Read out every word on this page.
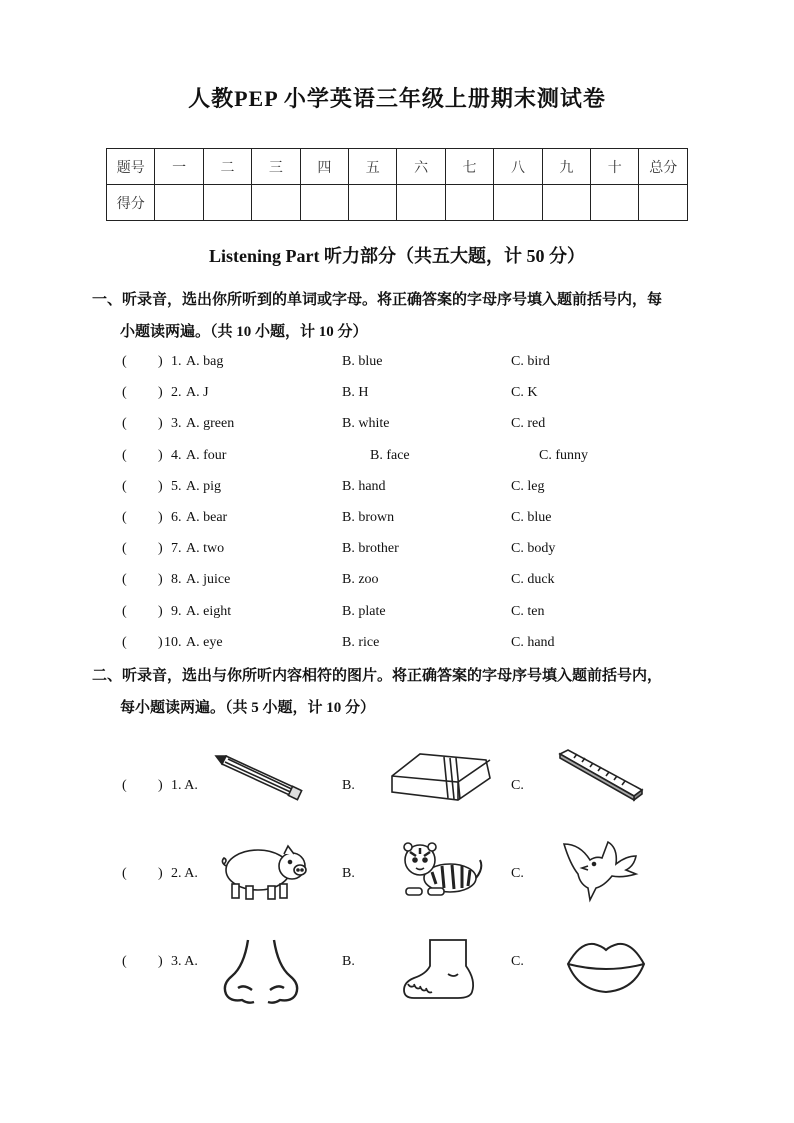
人教PEP 小学英语三年级上册期末测试卷
题号	一	二	三	四	五	六	七	八	九	十	总分
得分											
Listening Part 听力部分（共五大题，计 50 分）
一、听录音，选出你所听到的单词或字母。将正确答案的字母序号填入题前括号内，每
小题读两遍。（共 10 小题，计 10 分）
( ) 1. A. bag	B. blue	C. bird
( ) 2. A. J	B. H	C. K
( ) 3. A. green	B. white	C. red
( ) 4. A. four	B. face	C. funny
( ) 5. A. pig	B. hand	C. leg
( ) 6. A. bear	B. brown	C. blue
( ) 7. A. two	B. brother	C. body
( ) 8. A. juice	B. zoo	C. duck
( ) 9. A. eight	B. plate	C. ten
( ) 10. A. eye	B. rice	C. hand
二、听录音，选出与你所听内容相符的图片。将正确答案的字母序号填入题前括号内，
每小题读两遍。（共 5 小题，计 10 分）
( ) 1. A.	B.	C.
( ) 2. A.	B.	C.
( ) 3. A.	B.	C.
